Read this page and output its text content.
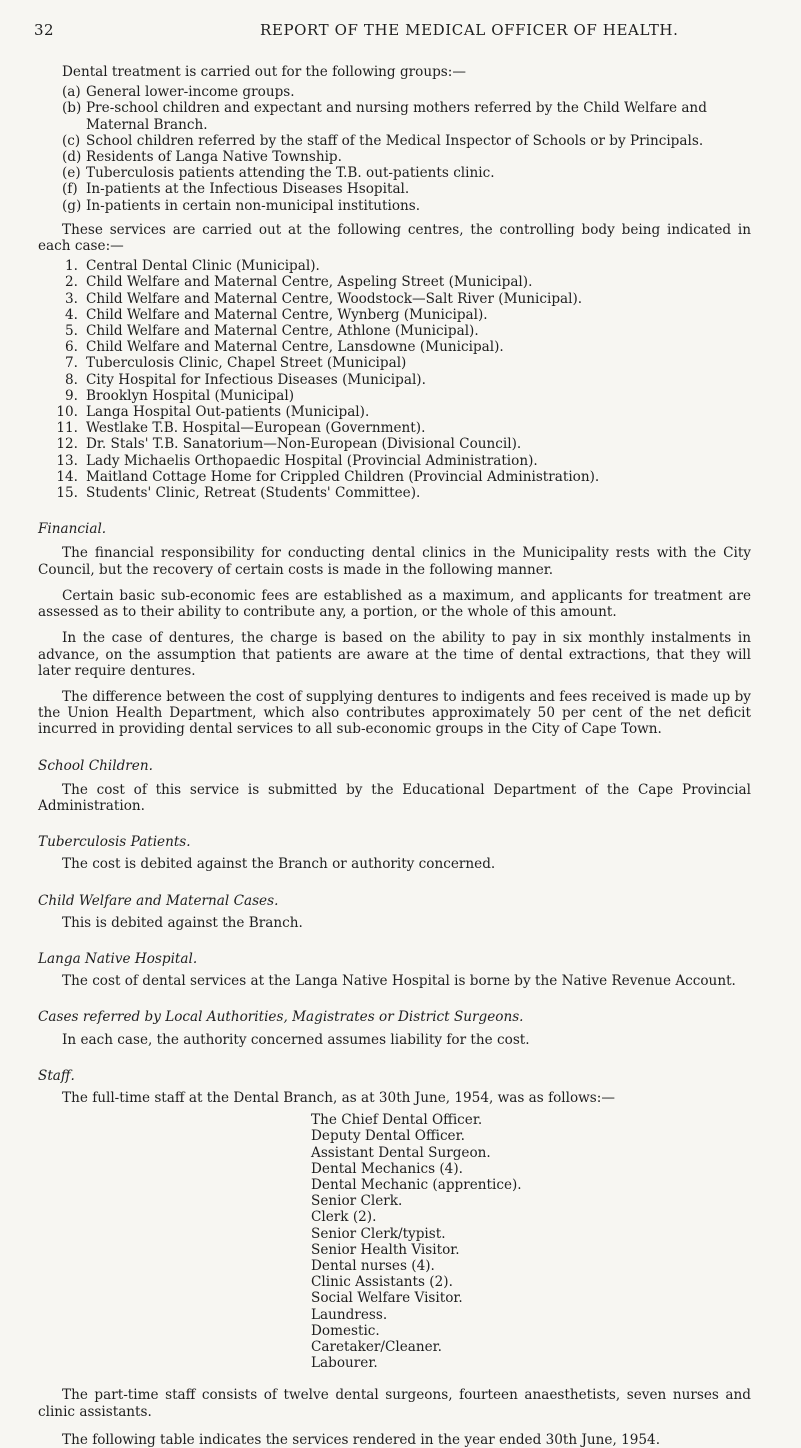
32	REPORT OF THE MEDICAL OFFICER OF HEALTH.

Dental treatment is carried out for the following groups:—

(a) General lower-income groups.
(b) Pre-school children and expectant and nursing mothers referred by the Child Welfare and Maternal Branch.
(c) School children referred by the staff of the Medical Inspector of Schools or by Principals.
(d) Residents of Langa Native Township.
(e) Tuberculosis patients attending the T.B. out-patients clinic.
(f) In-patients at the Infectious Diseases Hsopital.
(g) In-patients in certain non-municipal institutions.

These services are carried out at the following centres, the controlling body being indicated in each case:—

1. Central Dental Clinic (Municipal).
2. Child Welfare and Maternal Centre, Aspeling Street (Municipal).
3. Child Welfare and Maternal Centre, Woodstock—Salt River (Municipal).
4. Child Welfare and Maternal Centre, Wynberg (Municipal).
5. Child Welfare and Maternal Centre, Athlone (Municipal).
6. Child Welfare and Maternal Centre, Lansdowne (Municipal).
7. Tuberculosis Clinic, Chapel Street (Municipal)
8. City Hospital for Infectious Diseases (Municipal).
9. Brooklyn Hospital (Municipal)
10. Langa Hospital Out-patients (Municipal).
11. Westlake T.B. Hospital—European (Government).
12. Dr. Stals' T.B. Sanatorium—Non-European (Divisional Council).
13. Lady Michaelis Orthopaedic Hospital (Provincial Administration).
14. Maitland Cottage Home for Crippled Children (Provincial Administration).
15. Students' Clinic, Retreat (Students' Committee).

Financial.

The financial responsibility for conducting dental clinics in the Municipality rests with the City Council, but the recovery of certain costs is made in the following manner.

Certain basic sub-economic fees are established as a maximum, and applicants for treatment are assessed as to their ability to contribute any, a portion, or the whole of this amount.

In the case of dentures, the charge is based on the ability to pay in six monthly instalments in advance, on the assumption that patients are aware at the time of dental extractions, that they will later require dentures.

The difference between the cost of supplying dentures to indigents and fees received is made up by the Union Health Department, which also contributes approximately 50 per cent of the net deficit incurred in providing dental services to all sub-economic groups in the City of Cape Town.

School Children.

The cost of this service is submitted by the Educational Department of the Cape Provincial Administration.

Tuberculosis Patients.

The cost is debited against the Branch or authority concerned.

Child Welfare and Maternal Cases.

This is debited against the Branch.

Langa Native Hospital.

The cost of dental services at the Langa Native Hospital is borne by the Native Revenue Account.

Cases referred by Local Authorities, Magistrates or District Surgeons.

In each case, the authority concerned assumes liability for the cost.

Staff.

The full-time staff at the Dental Branch, as at 30th June, 1954, was as follows:—

The Chief Dental Officer.
Deputy Dental Officer.
Assistant Dental Surgeon.
Dental Mechanics (4).
Dental Mechanic (apprentice).
Senior Clerk.
Clerk (2).
Senior Clerk/typist.
Senior Health Visitor.
Dental nurses (4).
Clinic Assistants (2).
Social Welfare Visitor.
Laundress.
Domestic.
Caretaker/Cleaner.
Labourer.

The part-time staff consists of twelve dental surgeons, fourteen anaesthetists, seven nurses and clinic assistants.

The following table indicates the services rendered in the year ended 30th June, 1954.
